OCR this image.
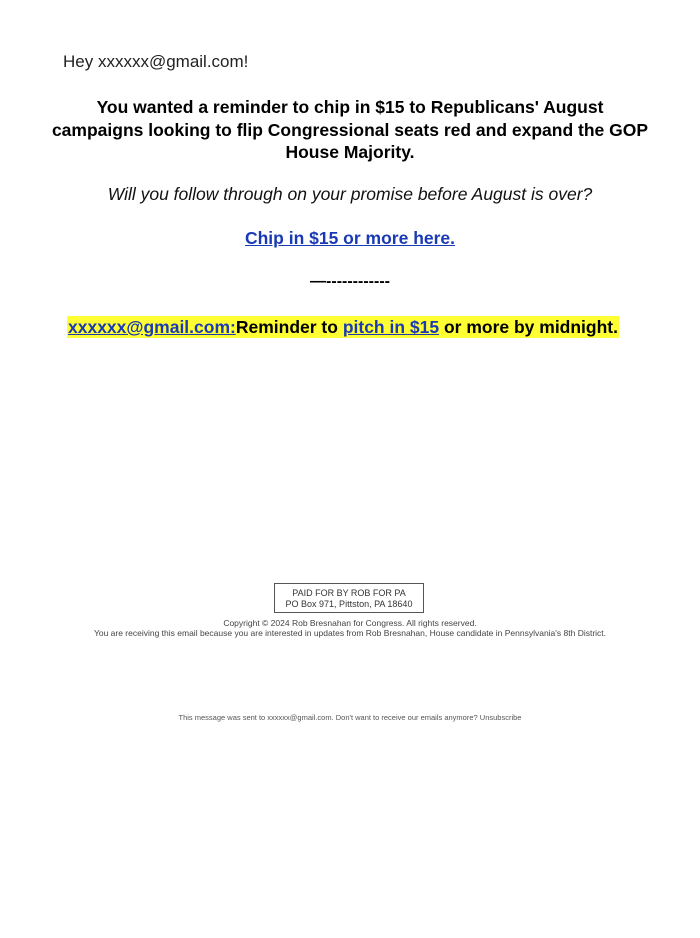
Hey xxxxxx@gmail.com!
You wanted a reminder to chip in $15 to Republicans' August campaigns looking to flip Congressional seats red and expand the GOP House Majority.
Will you follow through on your promise before August is over?
Chip in $15 or more here.
—------------
xxxxxx@gmail.com:Reminder to pitch in $15 or more by midnight.
PAID FOR BY ROB FOR PA
PO Box 971, Pittston, PA 18640
Copyright © 2024 Rob Bresnahan for Congress. All rights reserved.
You are receiving this email because you are interested in updates from Rob Bresnahan, House candidate in Pennsylvania's 8th District.
This message was sent to xxxxxx@gmail.com. Don't want to receive our emails anymore? Unsubscribe
